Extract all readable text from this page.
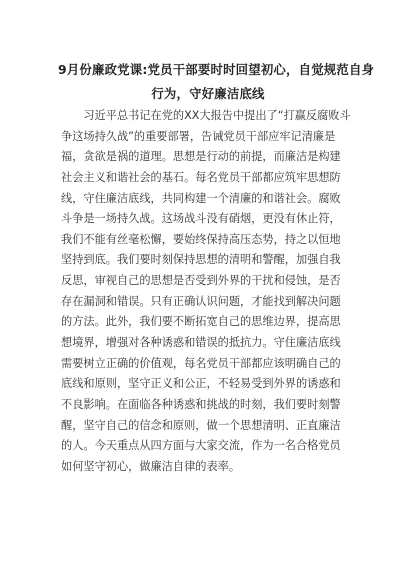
9月份廉政党课:党员干部要时时回望初心，自觉规范自身
行为，守好廉洁底线
　　习近平总书记在党的XX大报告中提出了“打赢反腐败斗
争这场持久战”的重要部署，告诫党员干部应牢记清廉是
福，贪欲是祸的道理。思想是行动的前提，而廉洁是构建
社会主义和谐社会的基石。每名党员干部都应筑牢思想防
线，守住廉洁底线，共同构建一个清廉的和谐社会。腐败
斗争是一场持久战。这场战斗没有硝烟，更没有休止符，
我们不能有丝毫松懈，要始终保持高压态势，持之以恒地
坚持到底。我们要时刻保持思想的清明和警醒，加强自我
反思，审视自己的思想是否受到外界的干扰和侵蚀，是否
存在漏洞和错误。只有正确认识问题，才能找到解决问题
的方法。此外，我们要不断拓宽自己的思维边界，提高思
想境界，增强对各种诱惑和错误的抵抗力。守住廉洁底线
需要树立正确的价值观，每名党员干部都应该明确自己的
底线和原则，坚守正义和公正，不轻易受到外界的诱惑和
不良影响。在面临各种诱惑和挑战的时刻，我们要时刻警
醒，坚守自己的信念和原则，做一个思想清明、正直廉洁
的人。今天重点从四方面与大家交流，作为一名合格党员
如何坚守初心，做廉洁自律的表率。
